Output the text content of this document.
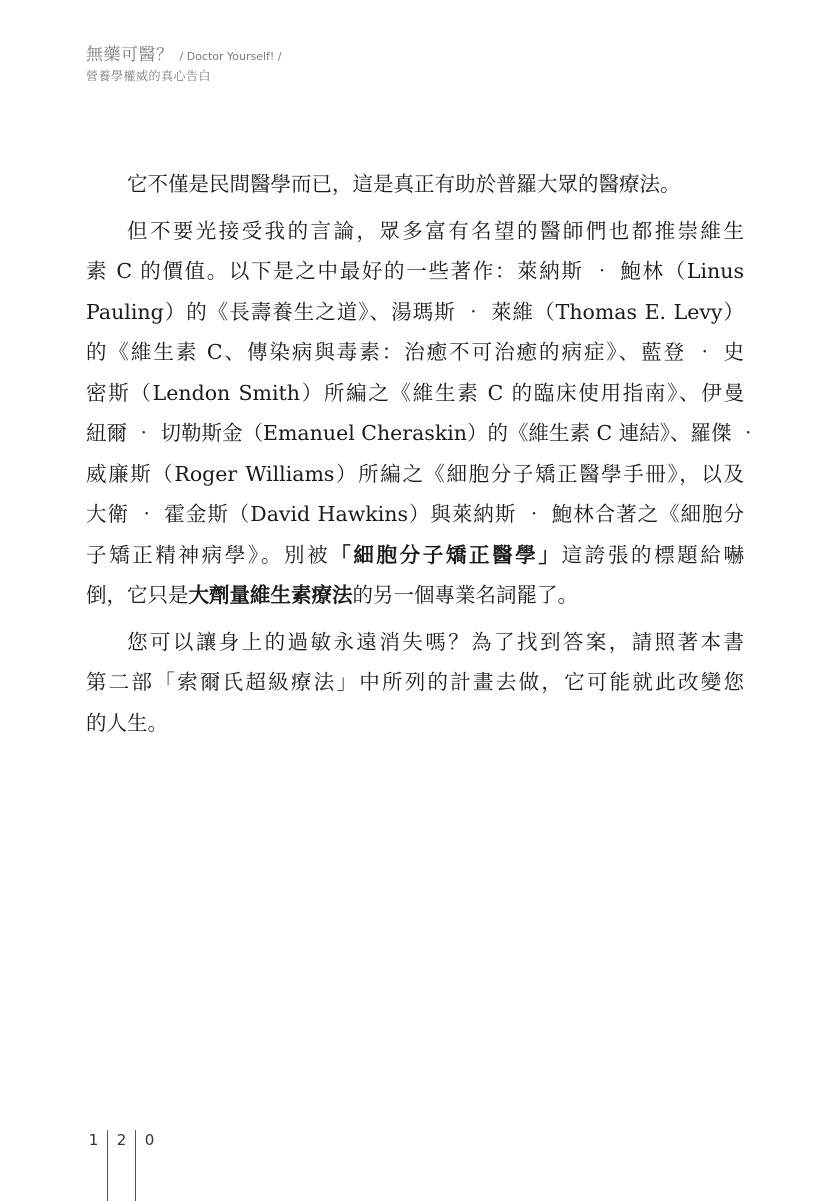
無藥可醫？ / Doctor Yourself! /
營養學權威的真心告白

它不僅是民間醫學而已，這是真正有助於普羅大眾的醫療法。

但不要光接受我的言論，眾多富有名望的醫師們也都推崇維生
素 C 的價值。以下是之中最好的一些著作：萊納斯 ‧ 鮑林（Linus
Pauling）的《長壽養生之道》、湯瑪斯 ‧ 萊維（Thomas E. Levy）
的《維生素 C、傳染病與毒素：治癒不可治癒的病症》、藍登 ‧ 史
密斯（Lendon Smith）所編之《維生素 C 的臨床使用指南》、伊曼
紐爾 ‧ 切勒斯金（Emanuel Cheraskin）的《維生素 C 連結》、羅傑 ‧
威廉斯（Roger Williams）所編之《細胞分子矯正醫學手冊》，以及
大衛 ‧ 霍金斯（David Hawkins）與萊納斯 ‧ 鮑林合著之《細胞分
子矯正精神病學》。別被「細胞分子矯正醫學」這誇張的標題給嚇
倒，它只是大劑量維生素療法的另一個專業名詞罷了。
您可以讓身上的過敏永遠消失嗎？為了找到答案，請照著本書
第二部「索爾氏超級療法」中所列的計畫去做，它可能就此改變您
的人生。
1 2 0
